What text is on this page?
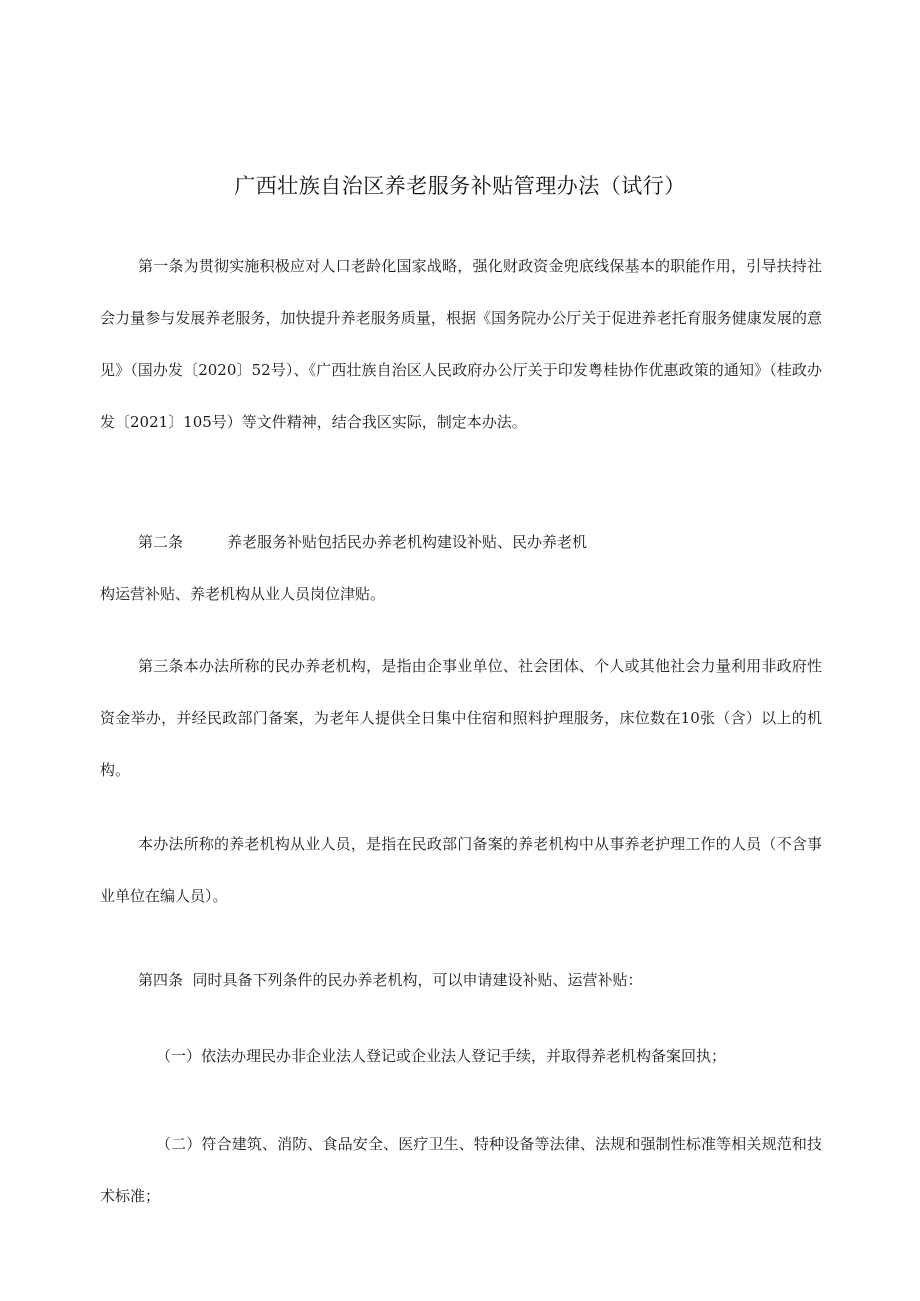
广西壮族自治区养老服务补贴管理办法（试行）

第一条为贯彻实施积极应对人口老龄化国家战略，强化财政资金兜底线保基本的职能作用，引导扶持社会力量参与发展养老服务，加快提升养老服务质量，根据《国务院办公厅关于促进养老托育服务健康发展的意见》（国办发〔2020〕52号）、《广西壮族自治区人民政府办公厅关于印发粤桂协作优惠政策的通知》（桂政办发〔2021〕105号）等文件精神，结合我区实际，制定本办法。

第二条	养老服务补贴包括民办养老机构建设补贴、民办养老机
构运营补贴、养老机构从业人员岗位津贴。

第三条本办法所称的民办养老机构，是指由企事业单位、社会团体、个人或其他社会力量利用非政府性资金举办，并经民政部门备案，为老年人提供全日集中住宿和照料护理服务，床位数在10张（含）以上的机构。

本办法所称的养老机构从业人员，是指在民政部门备案的养老机构中从事养老护理工作的人员（不含事业单位在编人员）。

第四条  同时具备下列条件的民办养老机构，可以申请建设补贴、运营补贴：

（一）依法办理民办非企业法人登记或企业法人登记手续，并取得养老机构备案回执；

（二）符合建筑、消防、食品安全、医疗卫生、特种设备等法律、法规和强制性标准等相关规范和技术标准；
